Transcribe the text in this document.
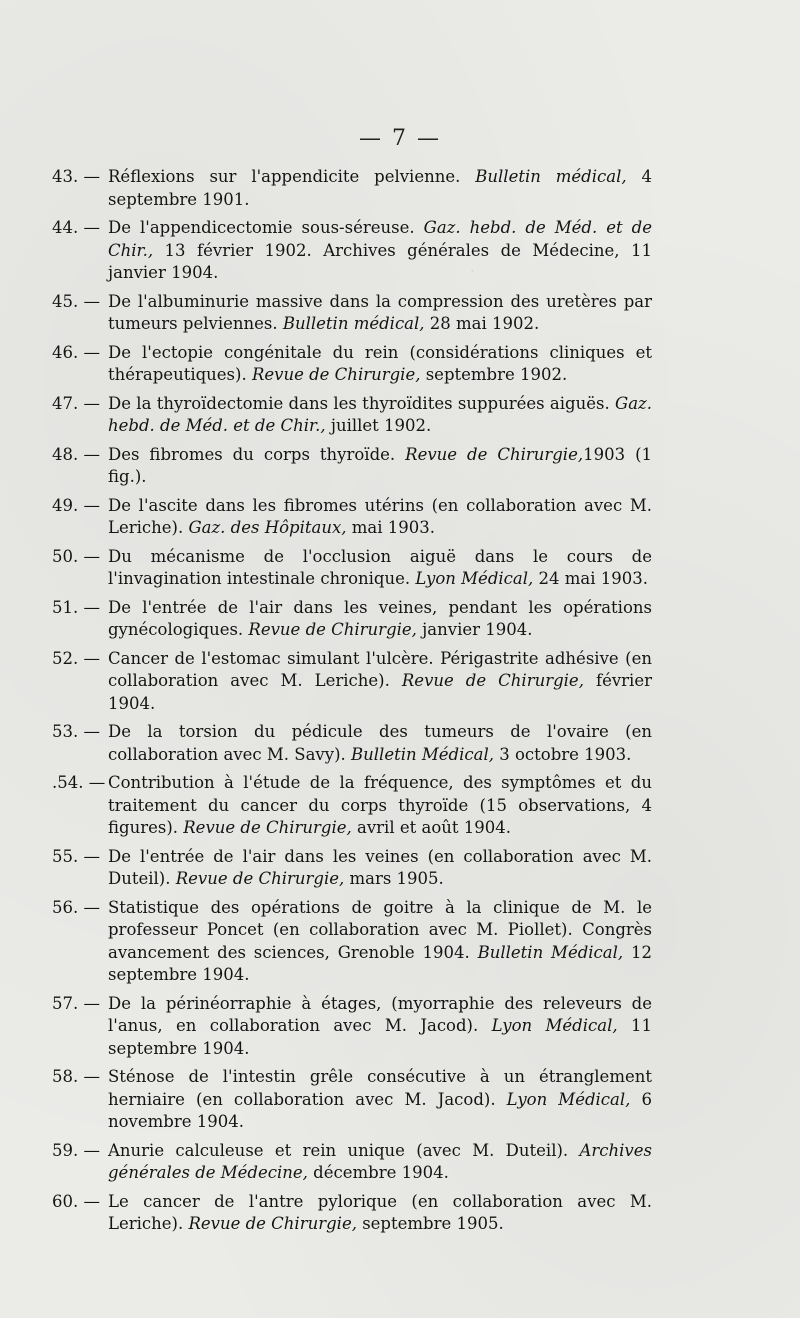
·
— 7 —
43. — Réflexions sur l'appendicite pelvienne. Bulletin médical, 4 septembre 1901.
44. — De l'appendicectomie sous-séreuse. Gaz. hebd. de Méd. et de Chir., 13 février 1902. Archives générales de Médecine, 11 janvier 1904.
45. — De l'albuminurie massive dans la compression des uretères par tumeurs pelviennes. Bulletin médical, 28 mai 1902.
46. — De l'ectopie congénitale du rein (considérations cliniques et thérapeutiques). Revue de Chirurgie, septembre 1902.
47. — De la thyroïdectomie dans les thyroïdites suppurées aiguës. Gaz. hebd. de Méd. et de Chir., juillet 1902.
48. — Des fibromes du corps thyroïde. Revue de Chirurgie,1903 (1 fig.).
49. — De l'ascite dans les fibromes utérins (en collaboration avec M. Leriche). Gaz. des Hôpitaux, mai 1903.
50. — Du mécanisme de l'occlusion aiguë dans le cours de l'invagination intestinale chronique. Lyon Médical, 24 mai 1903.
51. — De l'entrée de l'air dans les veines, pendant les opérations gynécologiques. Revue de Chirurgie, janvier 1904.
52. — Cancer de l'estomac simulant l'ulcère. Périgastrite adhésive (en collaboration avec M. Leriche). Revue de Chirurgie, février 1904.
53. — De la torsion du pédicule des tumeurs de l'ovaire (en collaboration avec M. Savy). Bulletin Médical, 3 octobre 1903.
.54. — Contribution à l'étude de la fréquence, des symptômes et du traitement du cancer du corps thyroïde (15 observations, 4 figures). Revue de Chirurgie, avril et août 1904.
55. — De l'entrée de l'air dans les veines (en collaboration avec M. Duteil). Revue de Chirurgie, mars 1905.
56. — Statistique des opérations de goitre à la clinique de M. le professeur Poncet (en collaboration avec M. Piollet). Congrès avancement des sciences, Grenoble 1904. Bulletin Médical, 12 septembre 1904.
57. — De la périnéorraphie à étages, (myorraphie des releveurs de l'anus, en collaboration avec M. Jacod). Lyon Médical, 11 septembre 1904.
58. — Sténose de l'intestin grêle consécutive à un étranglement herniaire (en collaboration avec M. Jacod). Lyon Médical, 6 novembre 1904.
59. — Anurie calculeuse et rein unique (avec M. Duteil). Archives générales de Médecine, décembre 1904.
60. — Le cancer de l'antre pylorique (en collaboration avec M. Leriche). Revue de Chirurgie, septembre 1905.
